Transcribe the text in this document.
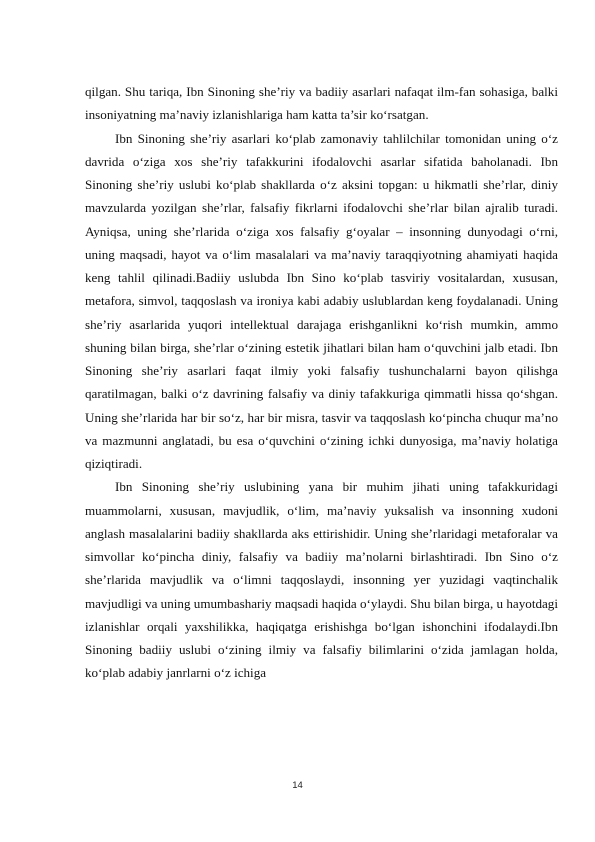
qilgan. Shu tariqa, Ibn Sinoning she’riy va badiiy asarlari nafaqat ilm-fan sohasiga, balki insoniyatning ma’naviy izlanishlariga ham katta ta’sir ko‘rsatgan.

Ibn Sinoning she’riy asarlari ko‘plab zamonaviy tahlilchilar tomonidan uning o‘z davrida o‘ziga xos she’riy tafakkurini ifodalovchi asarlar sifatida baholanadi. Ibn Sinoning she’riy uslubi ko‘plab shakllarda o‘z aksini topgan: u hikmatli she’rlar, diniy mavzularda yozilgan she’rlar, falsafiy fikrlarni ifodalovchi she’rlar bilan ajralib turadi. Ayniqsa, uning she’rlarida o‘ziga xos falsafiy g‘oyalar – insonning dunyodagi o‘rni, uning maqsadi, hayot va o‘lim masalalari va ma’naviy taraqqiyotning ahamiyati haqida keng tahlil qilinadi.Badiiy uslubda Ibn Sino ko‘plab tasviriy vositalardan, xususan, metafora, simvol, taqqoslash va ironiya kabi adabiy uslublardan keng foydalanadi. Uning she’riy asarlarida yuqori intellektual darajaga erishganlikni ko‘rish mumkin, ammo shuning bilan birga, she’rlar o‘zining estetik jihatlari bilan ham o‘quvchini jalb etadi. Ibn Sinoning she’riy asarlari faqat ilmiy yoki falsafiy tushunchalarni bayon qilishga qaratilmagan, balki o‘z davrining falsafiy va diniy tafakkuriga qimmatli hissa qo‘shgan. Uning she’rlarida har bir so‘z, har bir misra, tasvir va taqqoslash ko‘pincha chuqur ma’no va mazmunni anglatadi, bu esa o‘quvchini o‘zining ichki dunyosiga, ma’naviy holatiga qiziqtiradi.

Ibn Sinoning she’riy uslubining yana bir muhim jihati uning tafakkuridagi muammolarni, xususan, mavjudlik, o‘lim, ma’naviy yuksalish va insonning xudoni anglash masalalarini badiiy shakllarda aks ettirishidir. Uning she’rlaridagi metaforalar va simvollar ko‘pincha diniy, falsafiy va badiiy ma’nolarni birlashtiradi. Ibn Sino o‘z she’rlarida mavjudlik va o‘limni taqqoslaydi, insonning yer yuzidagi vaqtinchalik mavjudligi va uning umumbashariy maqsadi haqida o‘ylaydi. Shu bilan birga, u hayotdagi izlanishlar orqali yaxshilikka, haqiqatga erishishga bo‘lgan ishonchini ifodalaydi.Ibn Sinoning badiiy uslubi o‘zining ilmiy va falsafiy bilimlarini o‘zida jamlagan holda, ko‘plab adabiy janrlarni o‘z ichiga

14
